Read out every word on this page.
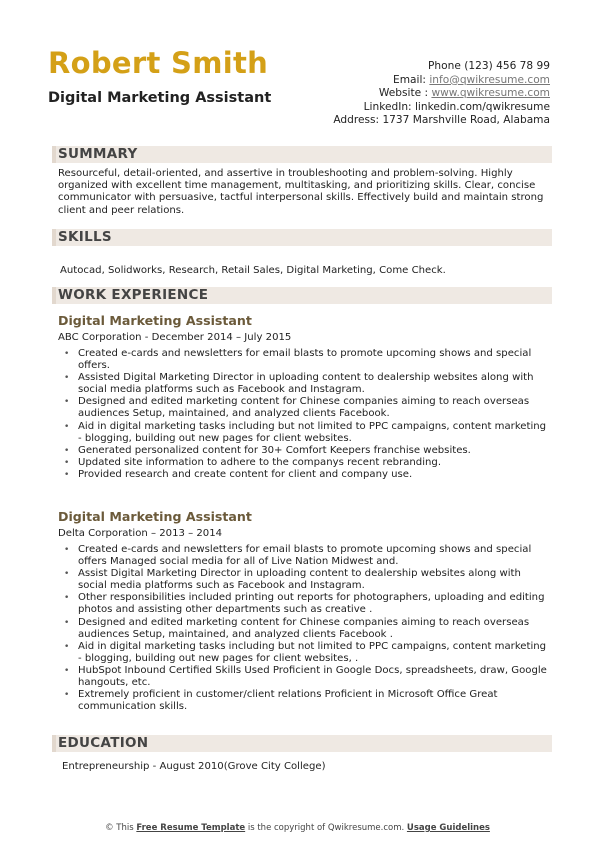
Robert Smith
Digital Marketing Assistant
Phone (123) 456 78 99
Email: info@qwikresume.com
Website : www.qwikresume.com
LinkedIn: linkedin.com/qwikresume
Address: 1737 Marshville Road, Alabama
SUMMARY
Resourceful, detail-oriented, and assertive in troubleshooting and problem-solving. Highly organized with excellent time management, multitasking, and prioritizing skills. Clear, concise communicator with persuasive, tactful interpersonal skills. Effectively build and maintain strong client and peer relations.
SKILLS
Autocad, Solidworks, Research, Retail Sales, Digital Marketing, Come Check.
WORK EXPERIENCE
Digital Marketing Assistant
ABC Corporation - December 2014 – July 2015
• Created e-cards and newsletters for email blasts to promote upcoming shows and special offers.
• Assisted Digital Marketing Director in uploading content to dealership websites along with social media platforms such as Facebook and Instagram.
• Designed and edited marketing content for Chinese companies aiming to reach overseas audiences Setup, maintained, and analyzed clients Facebook.
• Aid in digital marketing tasks including but not limited to PPC campaigns, content marketing - blogging, building out new pages for client websites.
• Generated personalized content for 30+ Comfort Keepers franchise websites.
• Updated site information to adhere to the companys recent rebranding.
• Provided research and create content for client and company use.
Digital Marketing Assistant
Delta Corporation – 2013 – 2014
• Created e-cards and newsletters for email blasts to promote upcoming shows and special offers Managed social media for all of Live Nation Midwest and.
• Assist Digital Marketing Director in uploading content to dealership websites along with social media platforms such as Facebook and Instagram.
• Other responsibilities included printing out reports for photographers, uploading and editing photos and assisting other departments such as creative .
• Designed and edited marketing content for Chinese companies aiming to reach overseas audiences Setup, maintained, and analyzed clients Facebook .
• Aid in digital marketing tasks including but not limited to PPC campaigns, content marketing - blogging, building out new pages for client websites, .
• HubSpot Inbound Certified Skills Used Proficient in Google Docs, spreadsheets, draw, Google hangouts, etc.
• Extremely proficient in customer/client relations Proficient in Microsoft Office Great communication skills.
EDUCATION
Entrepreneurship - August 2010(Grove City College)
© This Free Resume Template is the copyright of Qwikresume.com. Usage Guidelines
